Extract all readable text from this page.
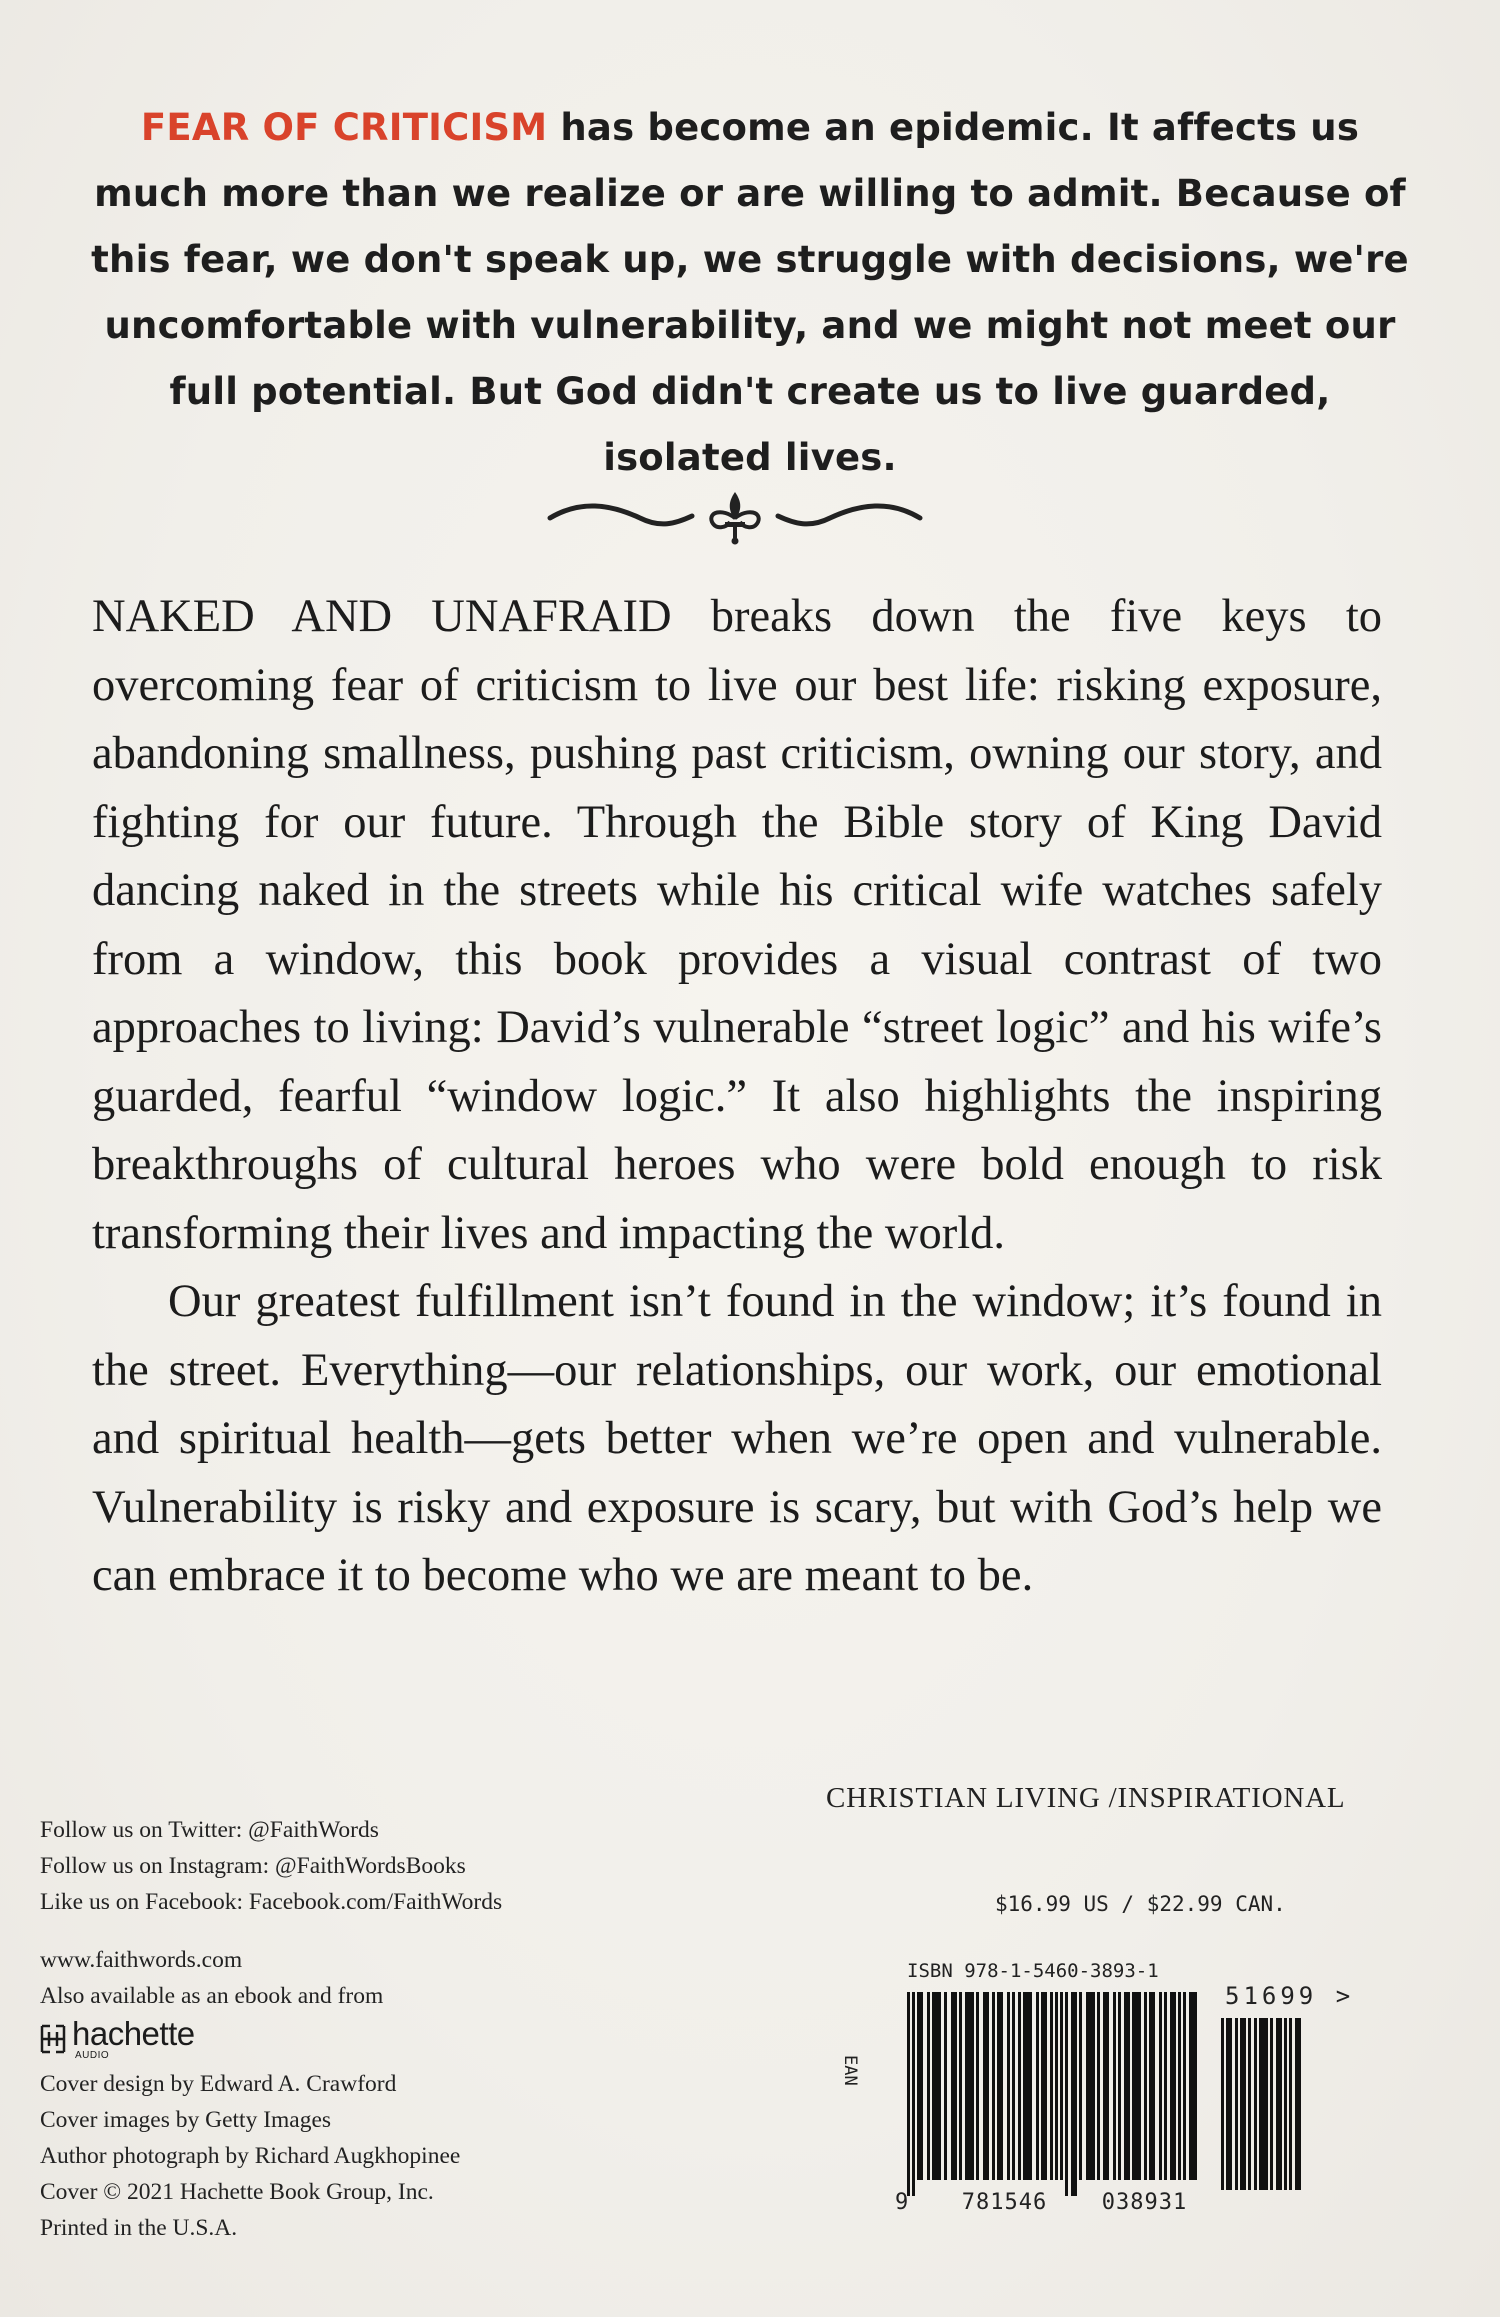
FEAR OF CRITICISM has become an epidemic. It affects us much more than we realize or are willing to admit. Because of this fear, we don't speak up, we struggle with decisions, we're uncomfortable with vulnerability, and we might not meet our full potential. But God didn't create us to live guarded, isolated lives.

NAKED AND UNAFRAID breaks down the five keys to overcoming fear of criticism to live our best life: risking exposure, abandoning smallness, pushing past criticism, owning our story, and fighting for our future. Through the Bible story of King David dancing naked in the streets while his critical wife watches safely from a window, this book provides a visual contrast of two approaches to living: David’s vulnerable “street logic” and his wife’s guarded, fearful “window logic.” It also highlights the inspiring breakthroughs of cultural heroes who were bold enough to risk transforming their lives and impacting the world.

Our greatest fulfillment isn’t found in the window; it’s found in the street. Everything—our relationships, our work, our emotional and spiritual health—gets better when we’re open and vulnerable. Vulnerability is risky and exposure is scary, but with God’s help we can embrace it to become who we are meant to be.

Follow us on Twitter: @FaithWords
Follow us on Instagram: @FaithWordsBooks
Like us on Facebook: Facebook.com/FaithWords
www.faithwords.com
Also available as an ebook and from
hachette
AUDIO
Cover design by Edward A. Crawford
Cover images by Getty Images
Author photograph by Richard Augkhopinee
Cover © 2021 Hachette Book Group, Inc.
Printed in the U.S.A.
CHRISTIAN LIVING /INSPIRATIONAL
$16.99 US / $22.99 CAN.
ISBN 978-1-5460-3893-1
EAN
51699 >
9 781546 038931
